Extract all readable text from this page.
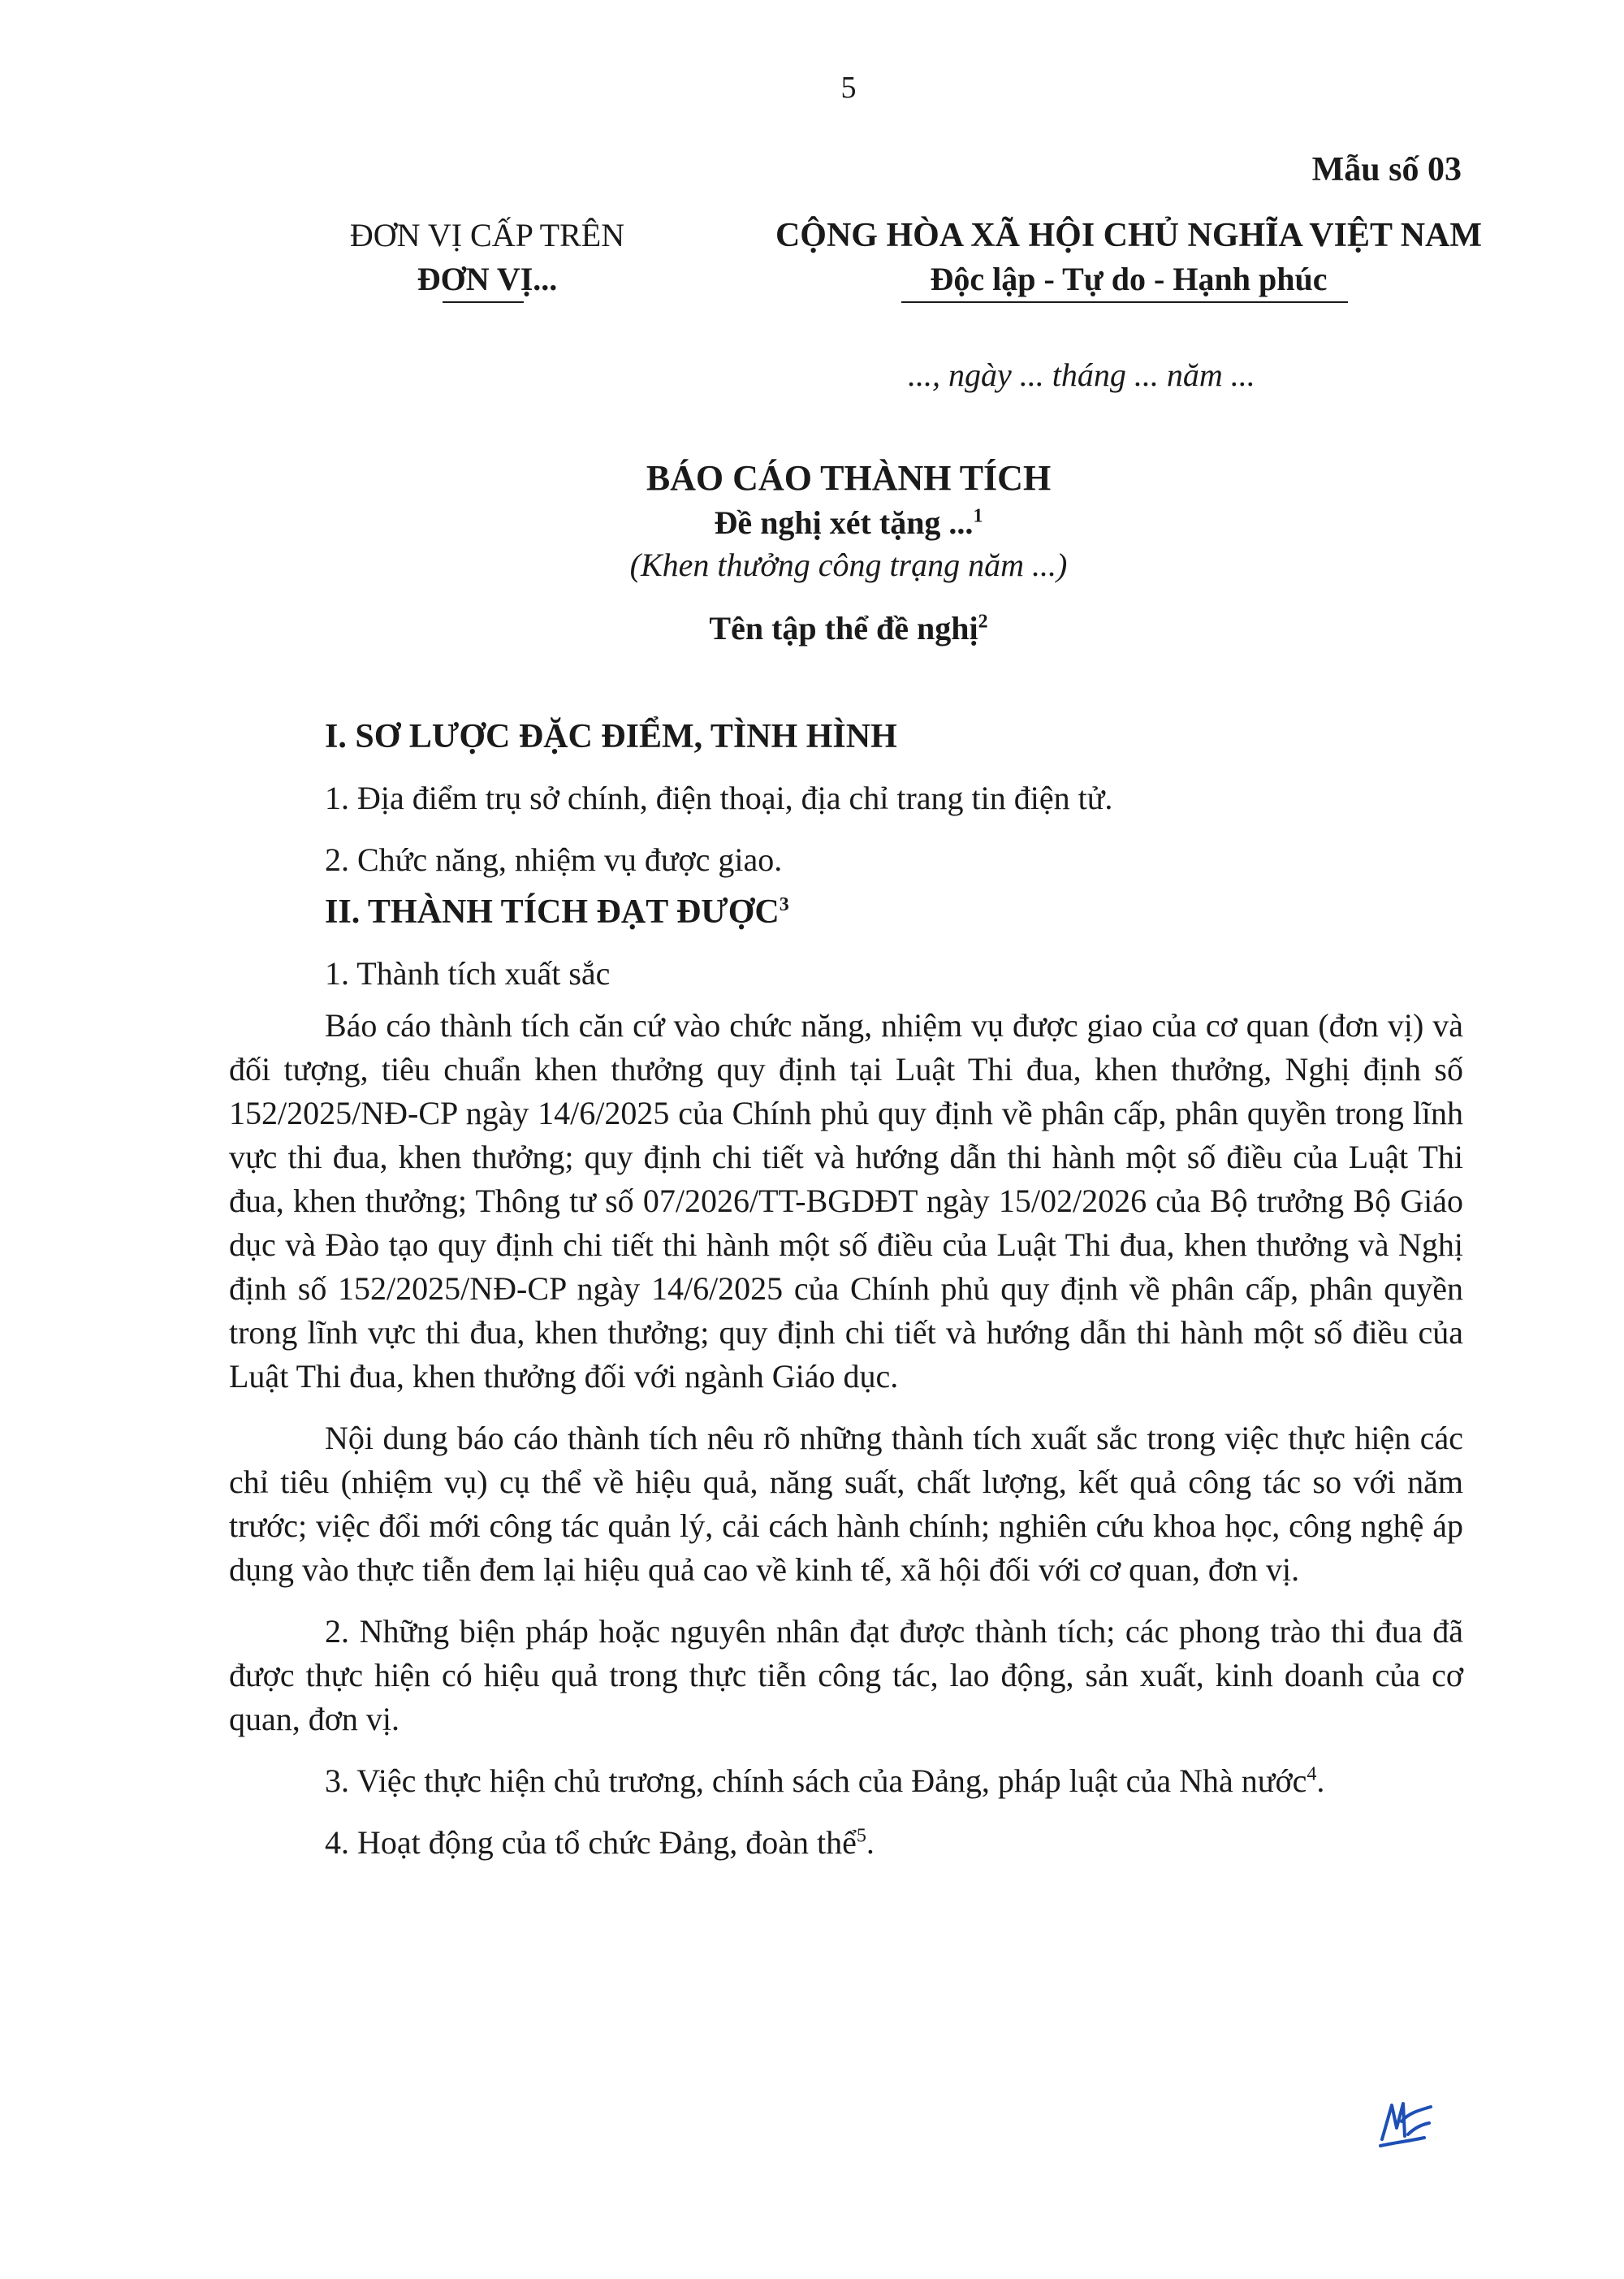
5
Mẫu số 03
ĐƠN VỊ CẤP TRÊN
ĐƠN VỊ...
CỘNG HÒA XÃ HỘI CHỦ NGHĨA VIỆT NAM
Độc lập - Tự do - Hạnh phúc
..., ngày ... tháng ... năm ...
BÁO CÁO THÀNH TÍCH
Đề nghị xét tặng ...$^1$
(Khen thưởng công trạng năm ...)
Tên tập thể đề nghị$^2$
I. SƠ LƯỢC ĐẶC ĐIỂM, TÌNH HÌNH
1. Địa điểm trụ sở chính, điện thoại, địa chỉ trang tin điện tử.
2. Chức năng, nhiệm vụ được giao.
II. THÀNH TÍCH ĐẠT ĐƯỢC$^3$
1. Thành tích xuất sắc
Báo cáo thành tích căn cứ vào chức năng, nhiệm vụ được giao của cơ quan (đơn vị) và đối tượng, tiêu chuẩn khen thưởng quy định tại Luật Thi đua, khen thưởng, Nghị định số 152/2025/NĐ-CP ngày 14/6/2025 của Chính phủ quy định về phân cấp, phân quyền trong lĩnh vực thi đua, khen thưởng; quy định chi tiết và hướng dẫn thi hành một số điều của Luật Thi đua, khen thưởng; Thông tư số 07/2026/TT-BGDĐT ngày 15/02/2026 của Bộ trưởng Bộ Giáo dục và Đào tạo quy định chi tiết thi hành một số điều của Luật Thi đua, khen thưởng và Nghị định số 152/2025/NĐ-CP ngày 14/6/2025 của Chính phủ quy định về phân cấp, phân quyền trong lĩnh vực thi đua, khen thưởng; quy định chi tiết và hướng dẫn thi hành một số điều của Luật Thi đua, khen thưởng đối với ngành Giáo dục.
Nội dung báo cáo thành tích nêu rõ những thành tích xuất sắc trong việc thực hiện các chỉ tiêu (nhiệm vụ) cụ thể về hiệu quả, năng suất, chất lượng, kết quả công tác so với năm trước; việc đổi mới công tác quản lý, cải cách hành chính; nghiên cứu khoa học, công nghệ áp dụng vào thực tiễn đem lại hiệu quả cao về kinh tế, xã hội đối với cơ quan, đơn vị.
2. Những biện pháp hoặc nguyên nhân đạt được thành tích; các phong trào thi đua đã được thực hiện có hiệu quả trong thực tiễn công tác, lao động, sản xuất, kinh doanh của cơ quan, đơn vị.
3. Việc thực hiện chủ trương, chính sách của Đảng, pháp luật của Nhà nước$^4$.
4. Hoạt động của tổ chức Đảng, đoàn thể$^5$.
